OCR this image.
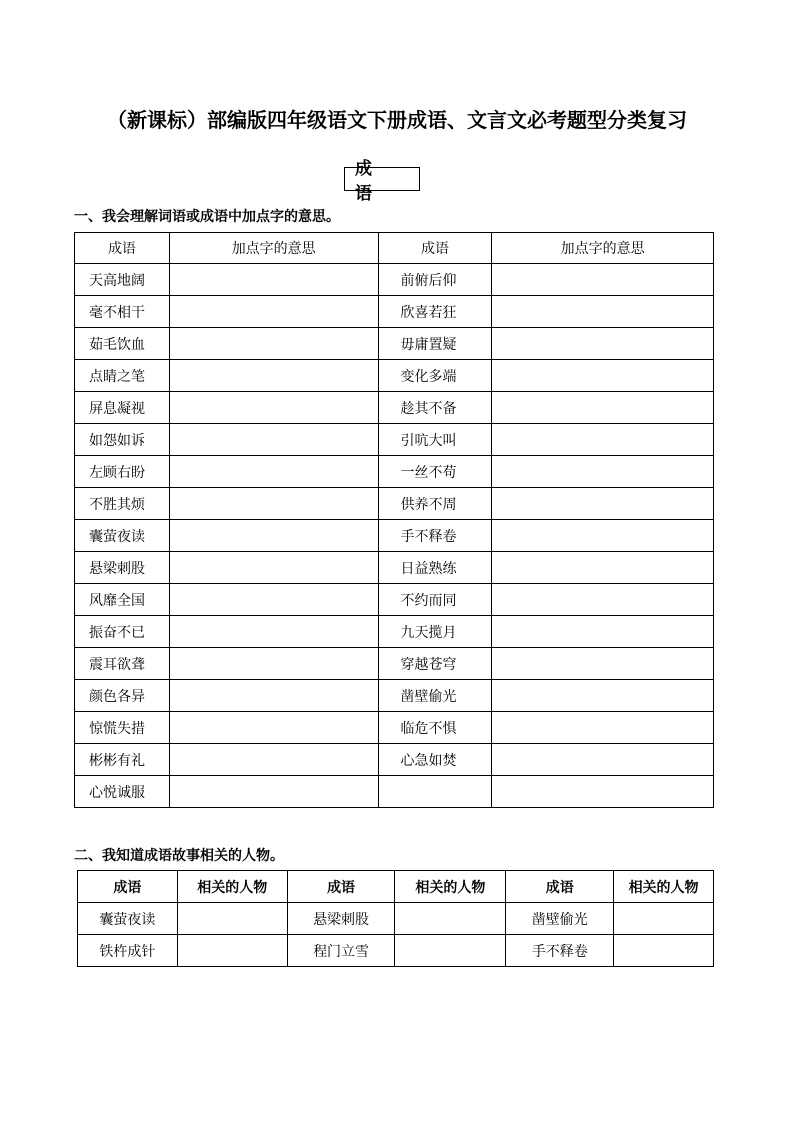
（新课标）部编版四年级语文下册成语、文言文必考题型分类复习
成 语
一、我会理解词语或成语中加点字的意思。
成语	加点字的意思	成语	加点字的意思
天高地阔		前俯后仰	
毫不相干		欣喜若狂	
茹毛饮血		毋庸置疑	
点睛之笔		变化多端	
屏息凝视		趁其不备	
如怨如诉		引吭大叫	
左顾右盼		一丝不苟	
不胜其烦		供养不周	
囊萤夜读		手不释卷	
悬梁刺股		日益熟练	
风靡全国		不约而同	
振奋不已		九天揽月	
震耳欲聋		穿越苍穹	
颜色各异		凿壁偷光	
惊慌失措		临危不惧	
彬彬有礼		心急如焚	
心悦诚服			
二、我知道成语故事相关的人物。
成语	相关的人物	成语	相关的人物	成语	相关的人物
囊萤夜读		悬梁刺股		凿壁偷光	
铁杵成针		程门立雪		手不释卷	
